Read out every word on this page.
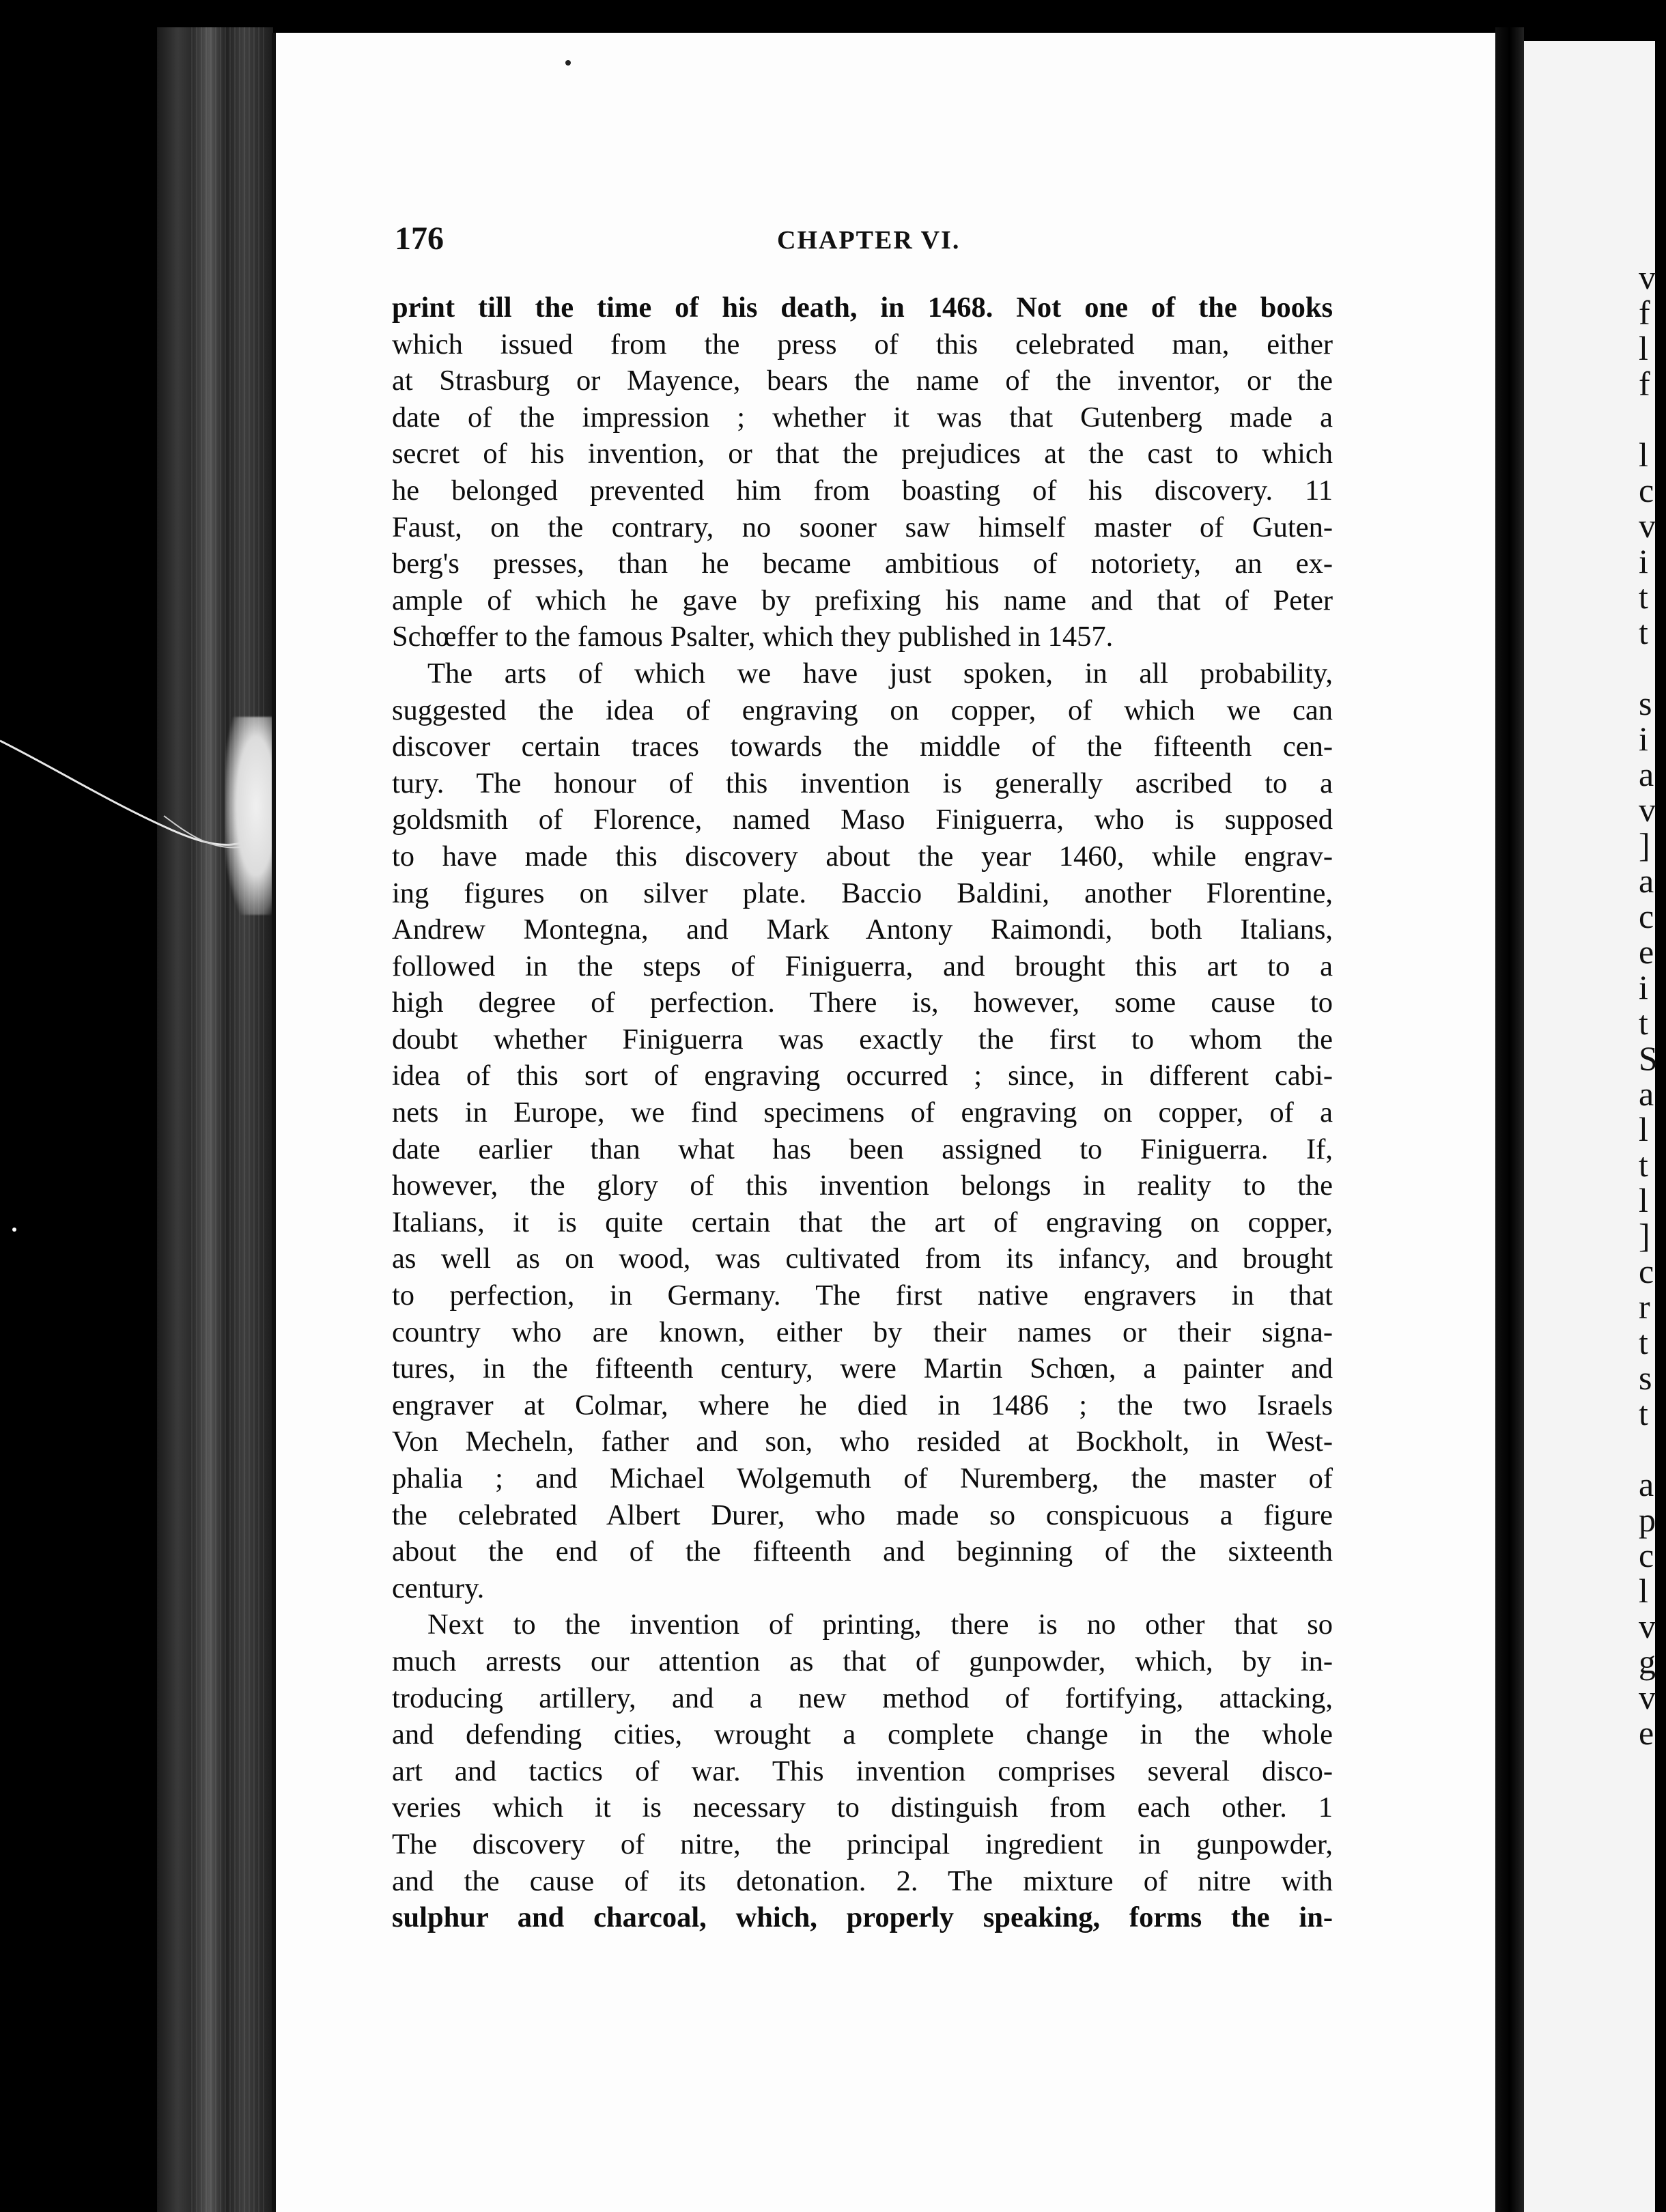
v
f
l
f
l
c
v
i
t
t
s
i
a
v
]
a
c
e
i
t
S
a
l
t
l
]
c
r
t
s
t
a
p
c
l
v
g
v
e
176	CHAPTER VI.
print till the time of his death, in 1468. Not one of the books
which issued from the press of this celebrated man, either
at Strasburg or Mayence, bears the name of the inventor, or the
date of the impression ; whether it was that Gutenberg made a
secret of his invention, or that the prejudices at the cast to which
he belonged prevented him from boasting of his discovery. 11
Faust, on the contrary, no sooner saw himself master of Guten-
berg's presses, than he became ambitious of notoriety, an ex-
ample of which he gave by prefixing his name and that of Peter
Schœffer to the famous Psalter, which they published in 1457.
The arts of which we have just spoken, in all probability,
suggested the idea of engraving on copper, of which we can
discover certain traces towards the middle of the fifteenth cen-
tury. The honour of this invention is generally ascribed to a
goldsmith of Florence, named Maso Finiguerra, who is supposed
to have made this discovery about the year 1460, while engrav-
ing figures on silver plate. Baccio Baldini, another Florentine,
Andrew Montegna, and Mark Antony Raimondi, both Italians,
followed in the steps of Finiguerra, and brought this art to a
high degree of perfection. There is, however, some cause to
doubt whether Finiguerra was exactly the first to whom the
idea of this sort of engraving occurred ; since, in different cabi-
nets in Europe, we find specimens of engraving on copper, of a
date earlier than what has been assigned to Finiguerra. If,
however, the glory of this invention belongs in reality to the
Italians, it is quite certain that the art of engraving on copper,
as well as on wood, was cultivated from its infancy, and brought
to perfection, in Germany. The first native engravers in that
country who are known, either by their names or their signa-
tures, in the fifteenth century, were Martin Schœn, a painter and
engraver at Colmar, where he died in 1486 ; the two Israels
Von Mecheln, father and son, who resided at Bockholt, in West-
phalia ; and Michael Wolgemuth of Nuremberg, the master of
the celebrated Albert Durer, who made so conspicuous a figure
about the end of the fifteenth and beginning of the sixteenth
century.
Next to the invention of printing, there is no other that so
much arrests our attention as that of gunpowder, which, by in-
troducing artillery, and a new method of fortifying, attacking,
and defending cities, wrought a complete change in the whole
art and tactics of war. This invention comprises several disco-
veries which it is necessary to distinguish from each other. 1
The discovery of nitre, the principal ingredient in gunpowder,
and the cause of its detonation. 2. The mixture of nitre with
sulphur and charcoal, which, properly speaking, forms the in-
